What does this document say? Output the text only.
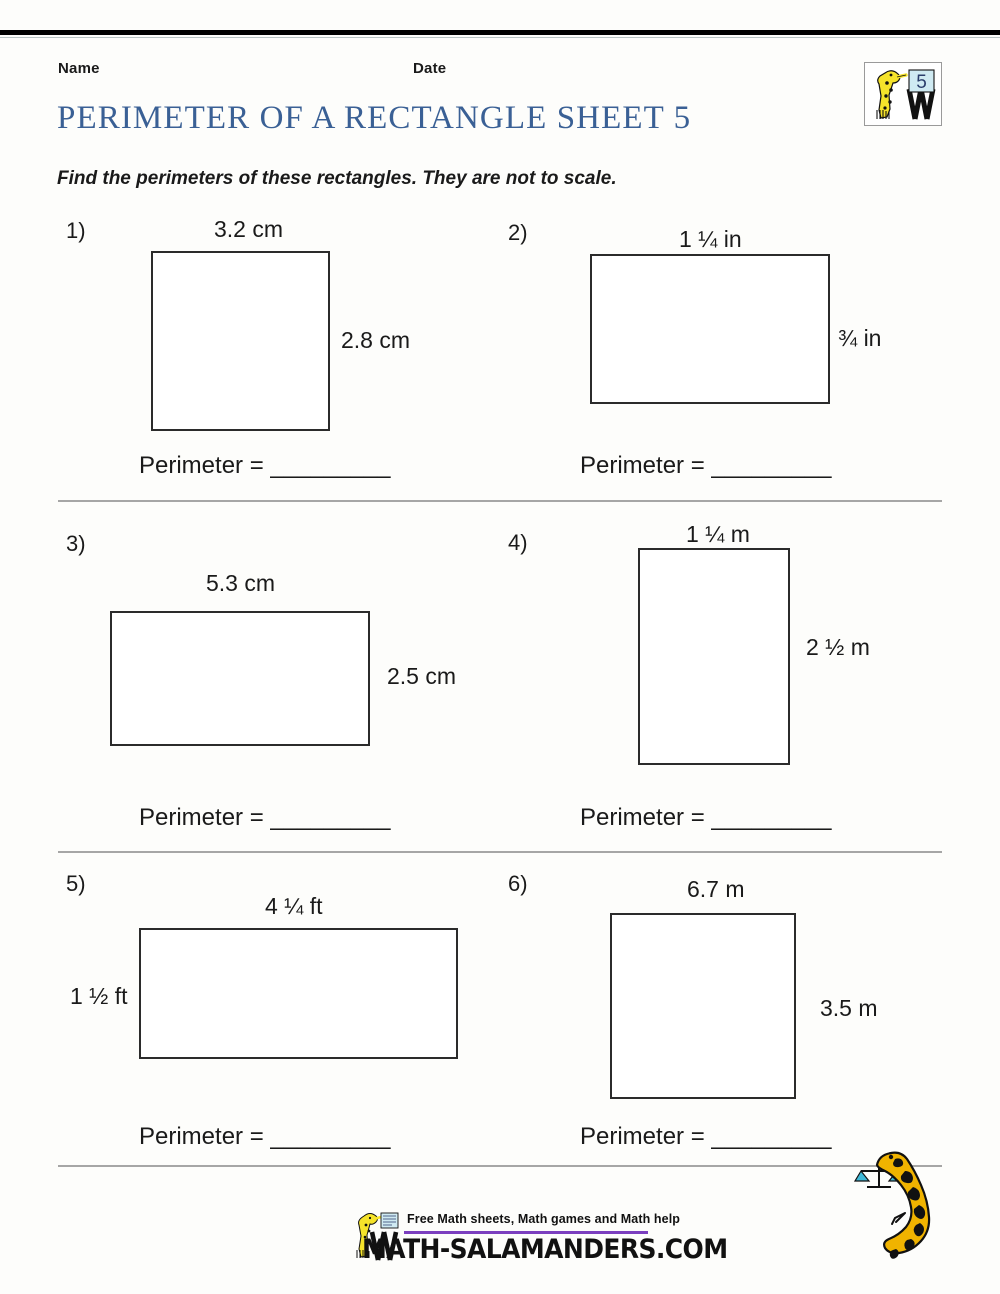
Name	Date
PERIMETER OF A RECTANGLE SHEET 5
Find the perimeters of these rectangles. They are not to scale.
5
1)	3.2 cm
2.8 cm
Perimeter = _________
2)	1 ¼ in
¾ in
Perimeter = _________
3)
5.3 cm
2.5 cm
Perimeter = _________
4)	1 ¼ m
2 ½ m
Perimeter = _________
5)
4 ¼ ft
1 ½ ft
Perimeter = _________
6)	6.7 m
3.5 m
Perimeter = _________
Free Math sheets, Math games and Math help
MATH-SALAMANDERS.COM
